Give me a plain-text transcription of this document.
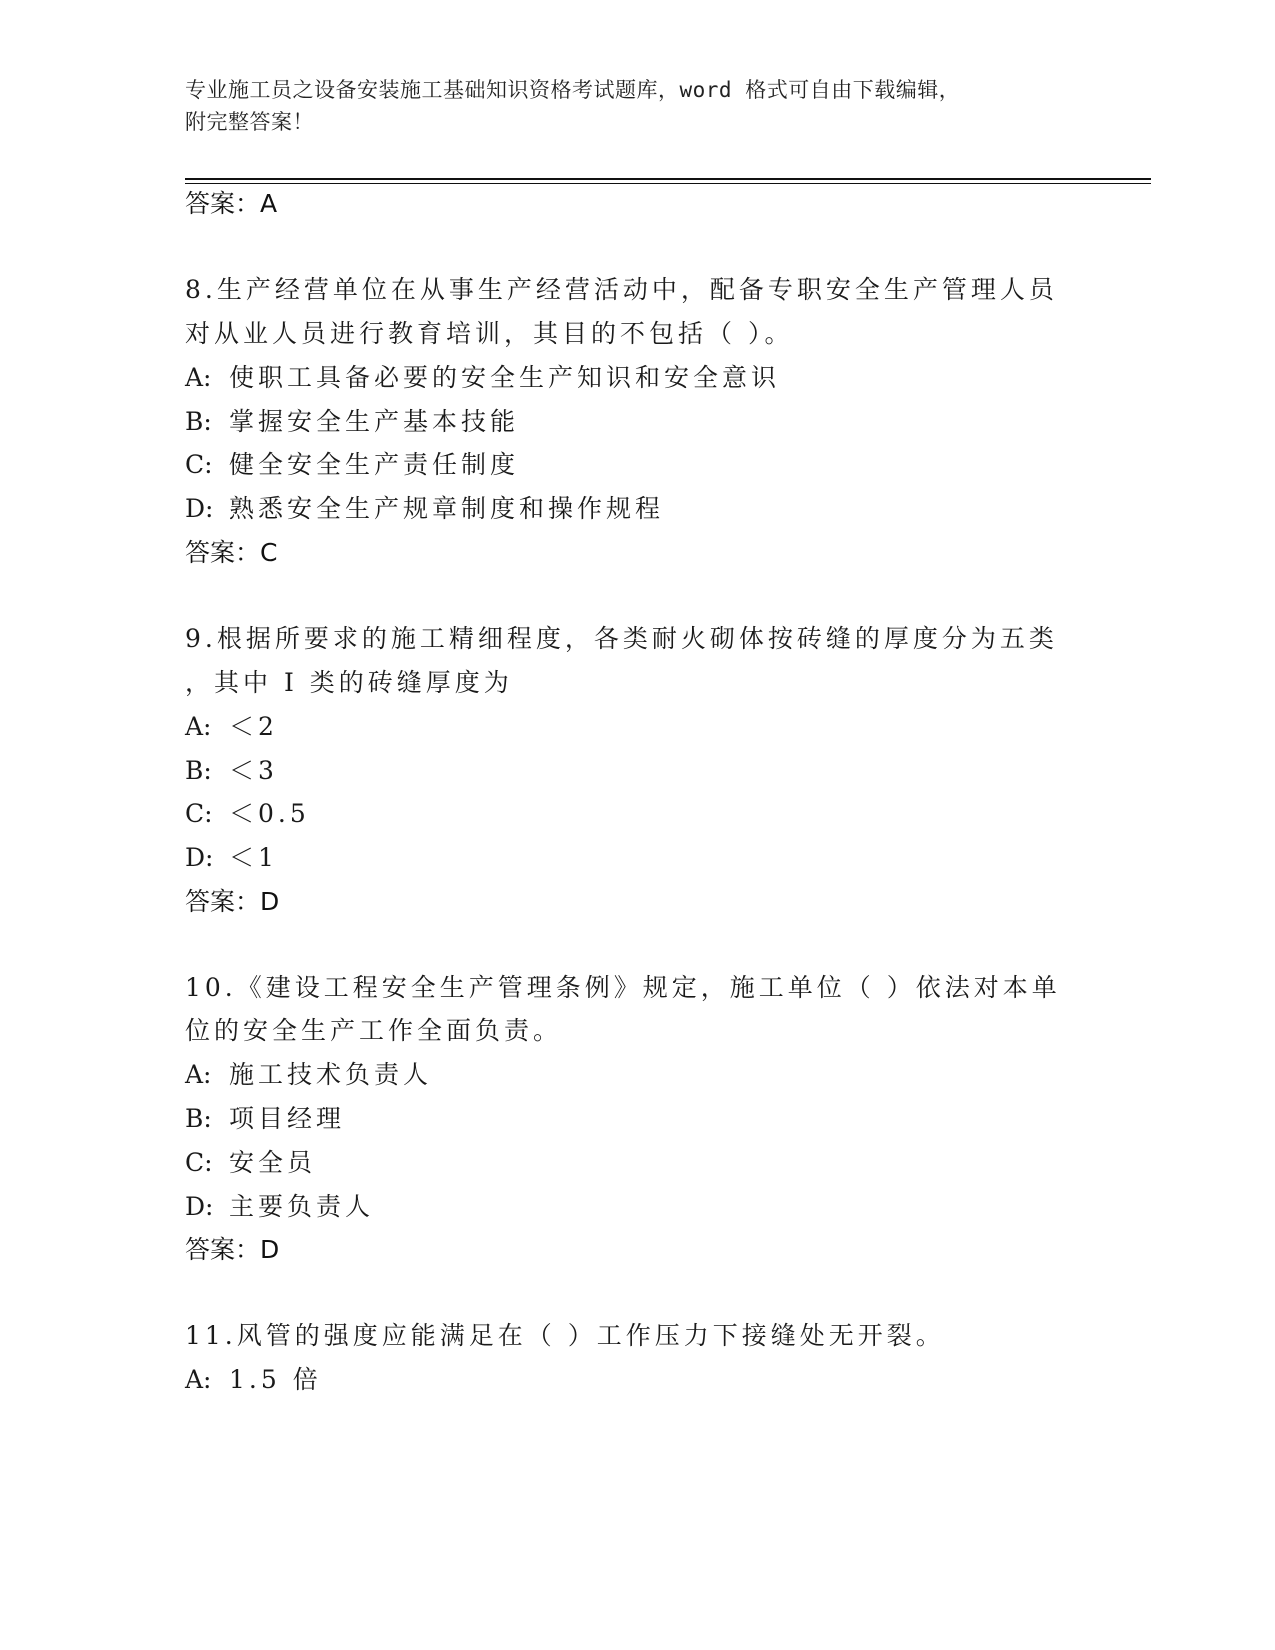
专业施工员之设备安装施工基础知识资格考试题库，word 格式可自由下载编辑，
附完整答案！
答案：A
8.生产经营单位在从事生产经营活动中，配备专职安全生产管理人员
对从业人员进行教育培训，其目的不包括（ ）。
A: 使职工具备必要的安全生产知识和安全意识
B: 掌握安全生产基本技能
C: 健全安全生产责任制度
D: 熟悉安全生产规章制度和操作规程
答案：C
9.根据所要求的施工精细程度，各类耐火砌体按砖缝的厚度分为五类
，其中 I 类的砖缝厚度为
A: ＜2
B: ＜3
C: ＜0.5
D: ＜1
答案：D
10.《建设工程安全生产管理条例》规定，施工单位（ ）依法对本单
位的安全生产工作全面负责。
A: 施工技术负责人
B: 项目经理
C: 安全员
D: 主要负责人
答案：D
11.风管的强度应能满足在（ ）工作压力下接缝处无开裂。
A: 1.5 倍
